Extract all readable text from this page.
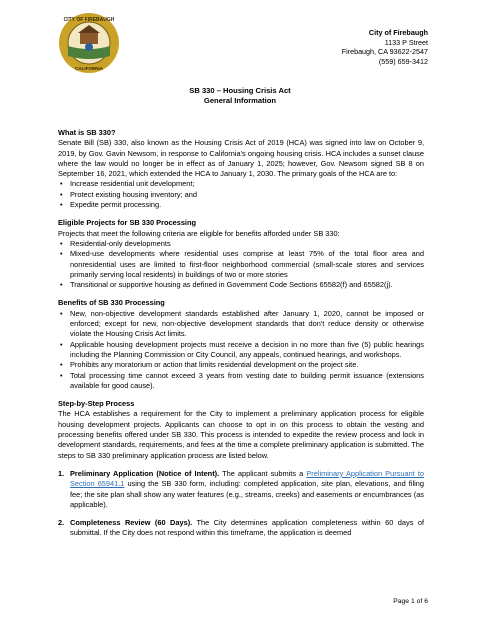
CITY OF FIREBAUGH
CALIFORNIA
City of Firebaugh
1133 P Street
Firebaugh, CA 93622-2547
(559) 659-3412
SB 330 – Housing Crisis Act
General Information
What is SB 330?

Senate Bill (SB) 330, also known as the Housing Crisis Act of 2019 (HCA) was signed into law on October 9, 2019, by Gov. Gavin Newsom, in response to California's ongoing housing crisis. HCA includes a sunset clause where the law would no longer be in effect as of January 1, 2025; however, Gov. Newsom signed SB 8 on September 16, 2021, which extended the HCA to January 1, 2030. The primary goals of the HCA are to:

• Increase residential unit development;
• Protect existing housing inventory; and
• Expedite permit processing.
Eligible Projects for SB 330 Processing

Projects that meet the following criteria are eligible for benefits afforded under SB 330:

• Residential-only developments
• Mixed-use developments where residential uses comprise at least 75% of the total floor area and nonresidential uses are limited to first-floor neighborhood commercial (small-scale stores and services primarily serving local residents) in buildings of two or more stories
• Transitional or supportive housing as defined in Government Code Sections 65582(f) and 65582(j).
Benefits of SB 330 Processing
• New, non-objective development standards established after January 1, 2020, cannot be imposed or enforced; except for new, non-objective development standards that don't reduce density or otherwise violate the Housing Crisis Act limits.
• Applicable housing development projects must receive a decision in no more than five (5) public hearings including the Planning Commission or City Council, any appeals, continued hearings, and workshops.
• Prohibits any moratorium or action that limits residential development on the project site.
• Total processing time cannot exceed 3 years from vesting date to building permit issuance (extensions available for good cause).
Step-by-Step Process

The HCA establishes a requirement for the City to implement a preliminary application process for eligible housing development projects. Applicants can choose to opt in on this process to obtain the vesting and processing benefits offered under SB 330. This process is intended to expedite the review process and lock in development standards, requirements, and fees at the time a complete preliminary application is submitted. The steps to SB 330 preliminary application process are listed below.

1. Preliminary Application (Notice of Intent). The applicant submits a Preliminary Application Pursuant to Section 65941.1 using the SB 330 form, including: completed application, site plan, elevations, and filing fee; the site plan shall show any water features (e.g., streams, creeks) and easements or encumbrances (as applicable).
2. Completeness Review (60 Days). The City determines application completeness within 60 days of submittal. If the City does not respond within this timeframe, the application is deemed
Page 1 of 6
